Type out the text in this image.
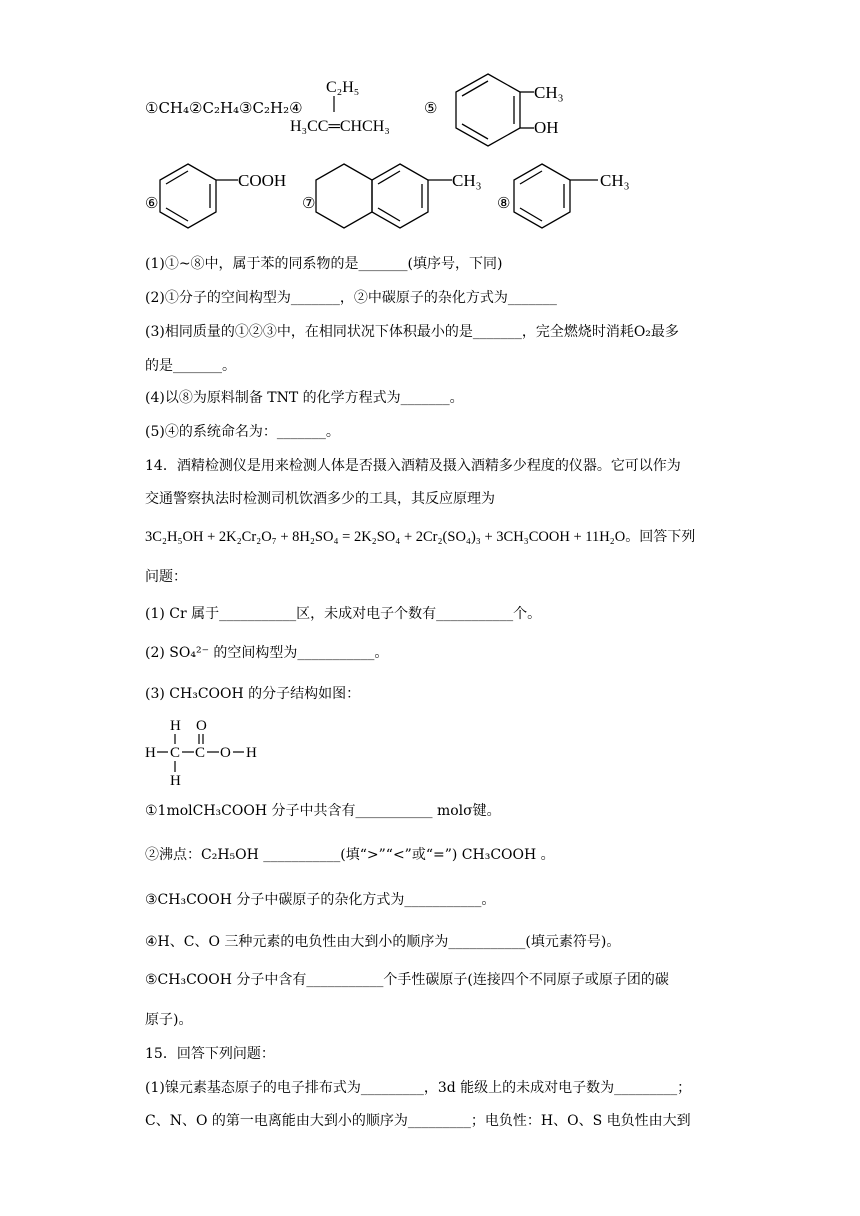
①CH₄②C₂H₄③C₂H₂④
C₂H₅
H₃CC═CHCH₃
⑤
CH₃
OH
⑥
COOH
⑦
CH₃
⑧
CH₃
(1)①~⑧中，属于苯的同系物的是_______(填序号，下同)
(2)①分子的空间构型为_______，②中碳原子的杂化方式为_______
(3)相同质量的①②③中，在相同状况下体积最小的是_______，完全燃烧时消耗O₂最多
的是_______。
(4)以⑧为原料制备 TNT 的化学方程式为_______。
(5)④的系统命名为：_______。
14．酒精检测仪是用来检测人体是否摄入酒精及摄入酒精多少程度的仪器。它可以作为
交通警察执法时检测司机饮酒多少的工具，其反应原理为
3C₂H₅OH + 2K₂Cr₂O₇ + 8H₂SO₄ = 2K₂SO₄ + 2Cr₂(SO₄)₃ + 3CH₃COOH + 11H₂O。回答下列
问题：
(1) Cr 属于___________区，未成对电子个数有___________个。
(2) SO₄²⁻ 的空间构型为___________。
(3) CH₃COOH 的分子结构如图：
H O
H C C O H
H
①1molCH₃COOH 分子中共含有___________ molσ键。
②沸点：C₂H₅OH ___________(填“>”“<”或“=”) CH₃COOH 。
③CH₃COOH 分子中碳原子的杂化方式为___________。
④H、C、O 三种元素的电负性由大到小的顺序为___________(填元素符号)。
⑤CH₃COOH 分子中含有___________个手性碳原子(连接四个不同原子或原子团的碳
原子)。
15．回答下列问题：
(1)镍元素基态原子的电子排布式为_________，3d 能级上的未成对电子数为_________；
C、N、O 的第一电离能由大到小的顺序为_________；电负性：H、O、S 电负性由大到
